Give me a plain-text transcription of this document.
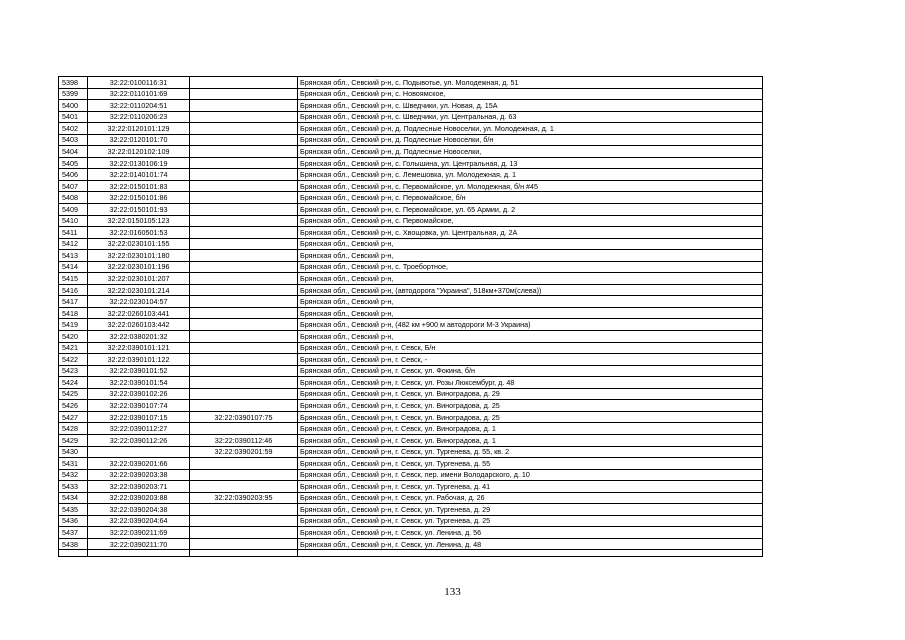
5398	32:22:0100116:31		Брянская обл., Севский р-н, с. Подывотье, ул. Молодежная, д. 51
5399	32:22:0110101:69		Брянская обл., Севский р-н, с. Новоямское,
5400	32:22:0110204:51		Брянская обл., Севский р-н, с. Шведчики, ул. Новая, д. 15А
5401	32:22:0110206:23		Брянская обл., Севский р-н, с. Шведчики, ул. Центральная, д. 63
5402	32:22:0120101:129		Брянская обл., Севский р-н, д. Подлесные Новоселки, ул. Молодежная, д. 1
5403	32:22:0120101:70		Брянская обл., Севский р-н, д. Подлесные Новоселки, б/н
5404	32:22:0120102:109		Брянская обл., Севский р-н, д. Подлесные Новоселки,
5405	32:22:0130106:19		Брянская обл., Севский р-н, с. Голышина, ул. Центральная, д. 13
5406	32:22:0140101:74		Брянская обл., Севский р-н, с. Лемешовка, ул. Молодежная, д. 1
5407	32:22:0150101:83		Брянская обл., Севский р-н, с. Первомайское, ул. Молодежная, б/н #45
5408	32:22:0150101:86		Брянская обл., Севский р-н, с. Первомайское, б/н
5409	32:22:0150101:93		Брянская обл., Севский р-н, с. Первомайское, ул. 65 Армии, д. 2
5410	32:22:0150105:123		Брянская обл., Севский р-н, с. Первомайское,
5411	32:22:0160501:53		Брянская обл., Севский р-н, с. Хвощовка, ул. Центральная, д. 2А
5412	32:22:0230101:155		Брянская обл., Севский р-н,
5413	32:22:0230101:180		Брянская обл., Севский р-н,
5414	32:22:0230101:196		Брянская обл., Севский р-н, с. Троебортное,
5415	32:22:0230101:207		Брянская обл., Севский р-н,
5416	32:22:0230101:214		Брянская обл., Севский р-н, (автодорога "Украина", 518км+370м(слева))
5417	32:22:0230104:57		Брянская обл., Севский р-н,
5418	32:22:0260103:441		Брянская обл., Севский р-н,
5419	32:22:0260103:442		Брянская обл., Севский р-н, (482 км +900 м автодороги М-3 Украина)
5420	32:22:0380201:32		Брянская обл., Севский р-н,
5421	32:22:0390101:121		Брянская обл., Севский р-н, г. Севск, Б/н
5422	32:22:0390101:122		Брянская обл., Севский р-н, г. Севск, -
5423	32:22:0390101:52		Брянская обл., Севский р-н, г. Севск, ул. Фокина, б/н
5424	32:22:0390101:54		Брянская обл., Севский р-н, г. Севск, ул. Розы Люксембург, д. 48
5425	32:22:0390102:26		Брянская обл., Севский р-н, г. Севск, ул. Виноградова, д. 29
5426	32:22:0390107:74		Брянская обл., Севский р-н, г. Севск, ул. Виноградова, д. 25
5427	32:22:0390107:15	32:22:0390107:75	Брянская обл., Севский р-н, г. Севск, ул. Виноградова, д. 25
5428	32:22:0390112:27		Брянская обл., Севский р-н, г. Севск, ул. Виноградова, д. 1
5429	32:22:0390112:26	32:22:0390112:46	Брянская обл., Севский р-н, г. Севск, ул. Виноградова, д. 1
5430		32:22:0390201:59	Брянская обл., Севский р-н, г. Севск, ул. Тургенева, д. 55, кв. 2
5431	32:22:0390201:66		Брянская обл., Севский р-н, г. Севск, ул. Тургенева, д. 55
5432	32:22:0390203:38		Брянская обл., Севский р-н, г. Севск, пер. имени Володарского, д. 10
5433	32:22:0390203:71		Брянская обл., Севский р-н, г. Севск, ул. Тургенева, д. 41
5434	32:22:0390203:88	32:22:0390203:95	Брянская обл., Севский р-н, г. Севск, ул. Рабочая, д. 26
5435	32:22:0390204:38		Брянская обл., Севский р-н, г. Севск, ул. Тургенева, д. 29
5436	32:22:0390204:64		Брянская обл., Севский р-н, г. Севск, ул. Тургенева, д. 25
5437	32:22:0390211:69		Брянская обл., Севский р-н, г. Севск, ул. Ленина, д. 56
5438	32:22:0390211:70		Брянская обл., Севский р-н, г. Севск, ул. Ленина, д. 48

133
